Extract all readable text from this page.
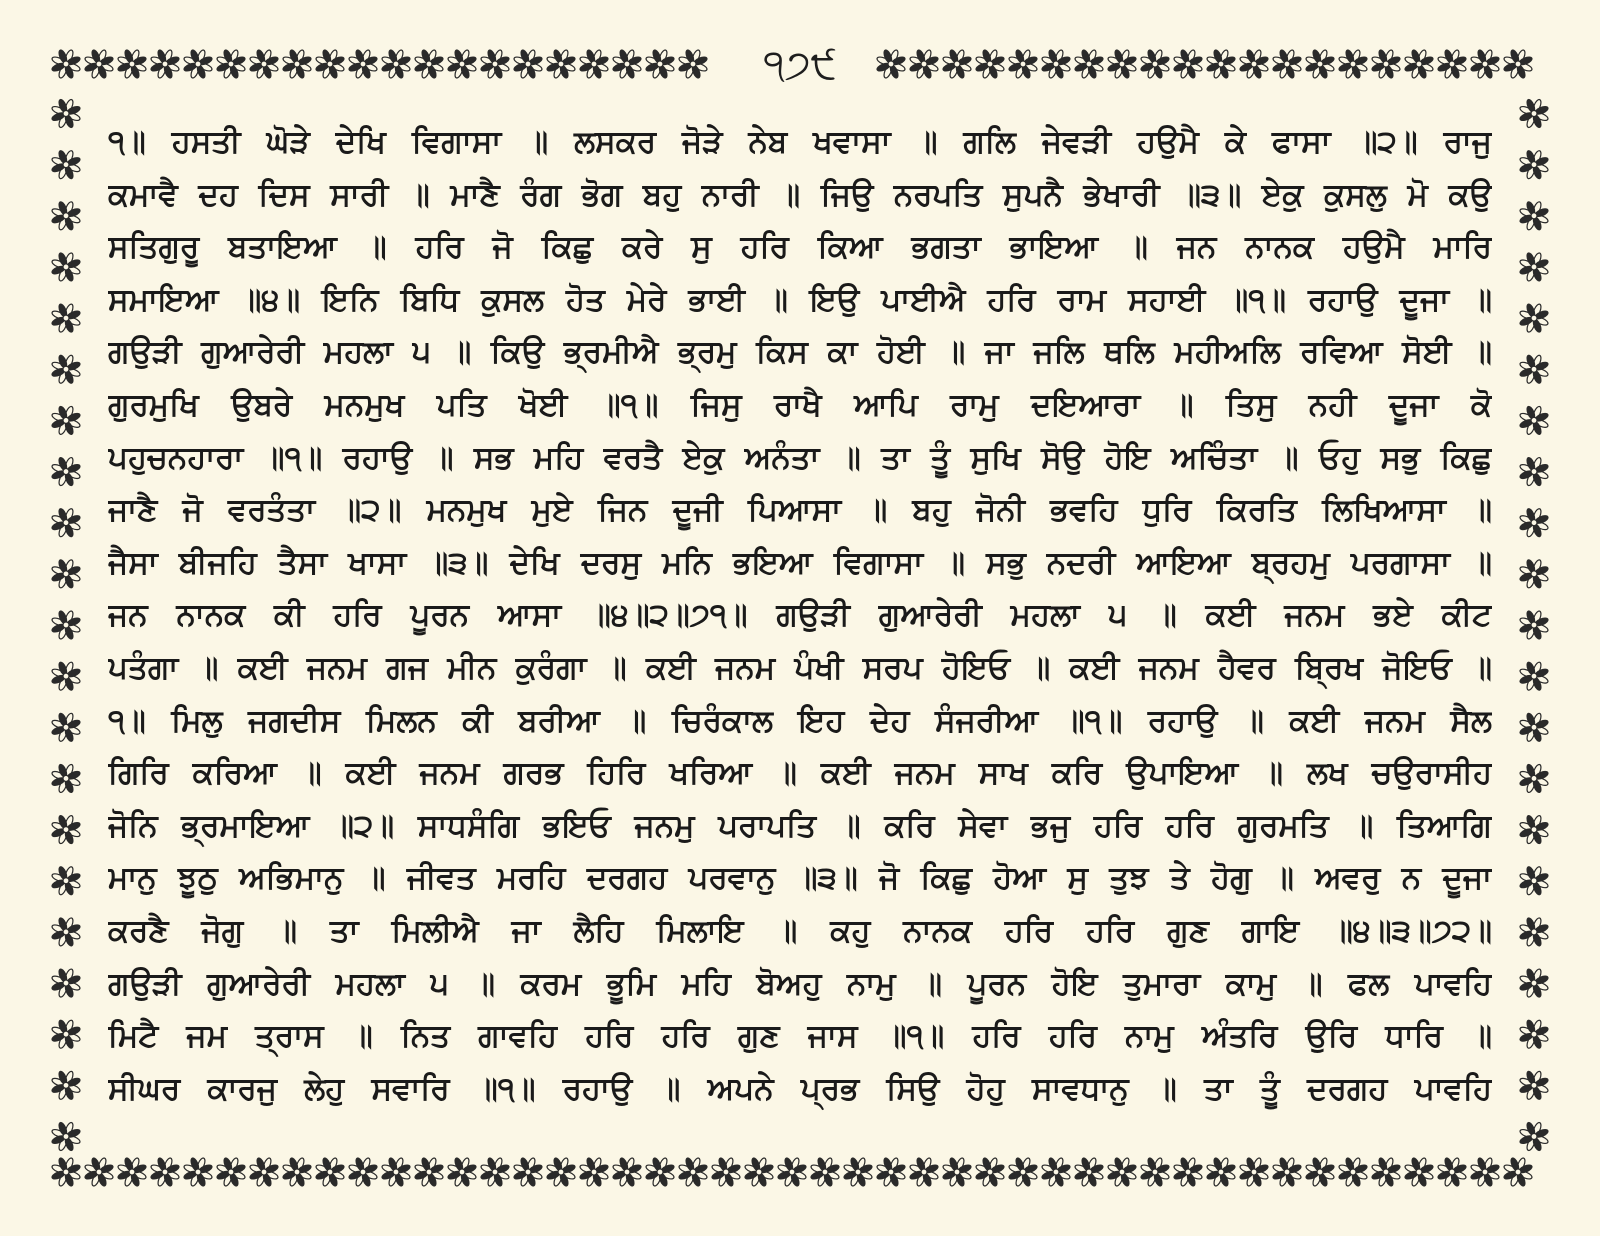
੧੭੯
੧॥ ਹਸਤੀ ਘੋੜੇ ਦੇਖਿ ਵਿਗਾਸਾ ॥ ਲਸਕਰ ਜੋੜੇ ਨੇਬ ਖਵਾਸਾ ॥ ਗਲਿ ਜੇਵੜੀ ਹਉਮੈ ਕੇ ਫਾਸਾ ॥੨॥ ਰਾਜੁ
ਕਮਾਵੈ ਦਹ ਦਿਸ ਸਾਰੀ ॥ ਮਾਣੈ ਰੰਗ ਭੋਗ ਬਹੁ ਨਾਰੀ ॥ ਜਿਉ ਨਰਪਤਿ ਸੁਪਨੈ ਭੇਖਾਰੀ ॥੩॥ ਏਕੁ ਕੁਸਲੁ ਮੋ ਕਉ
ਸਤਿਗੁਰੂ ਬਤਾਇਆ ॥ ਹਰਿ ਜੋ ਕਿਛੁ ਕਰੇ ਸੁ ਹਰਿ ਕਿਆ ਭਗਤਾ ਭਾਇਆ ॥ ਜਨ ਨਾਨਕ ਹਉਮੈ ਮਾਰਿ
ਸਮਾਇਆ ॥੪॥ ਇਨਿ ਬਿਧਿ ਕੁਸਲ ਹੋਤ ਮੇਰੇ ਭਾਈ ॥ ਇਉ ਪਾਈਐ ਹਰਿ ਰਾਮ ਸਹਾਈ ॥੧॥ ਰਹਾਉ ਦੂਜਾ ॥
ਗਉੜੀ ਗੁਆਰੇਰੀ ਮਹਲਾ ੫ ॥ ਕਿਉ ਭ੍ਰਮੀਐ ਭ੍ਰਮੁ ਕਿਸ ਕਾ ਹੋਈ ॥ ਜਾ ਜਲਿ ਥਲਿ ਮਹੀਅਲਿ ਰਵਿਆ ਸੋਈ ॥
ਗੁਰਮੁਖਿ ਉਬਰੇ ਮਨਮੁਖ ਪਤਿ ਖੋਈ ॥੧॥ ਜਿਸੁ ਰਾਖੈ ਆਪਿ ਰਾਮੁ ਦਇਆਰਾ ॥ ਤਿਸੁ ਨਹੀ ਦੂਜਾ ਕੋ
ਪਹੁਚਨਹਾਰਾ ॥੧॥ ਰਹਾਉ ॥ ਸਭ ਮਹਿ ਵਰਤੈ ਏਕੁ ਅਨੰਤਾ ॥ ਤਾ ਤੂੰ ਸੁਖਿ ਸੋਉ ਹੋਇ ਅਚਿੰਤਾ ॥ ਓਹੁ ਸਭੁ ਕਿਛੁ
ਜਾਣੈ ਜੋ ਵਰਤੰਤਾ ॥੨॥ ਮਨਮੁਖ ਮੁਏ ਜਿਨ ਦੂਜੀ ਪਿਆਸਾ ॥ ਬਹੁ ਜੋਨੀ ਭਵਹਿ ਧੁਰਿ ਕਿਰਤਿ ਲਿਖਿਆਸਾ ॥
ਜੈਸਾ ਬੀਜਹਿ ਤੈਸਾ ਖਾਸਾ ॥੩॥ ਦੇਖਿ ਦਰਸੁ ਮਨਿ ਭਇਆ ਵਿਗਾਸਾ ॥ ਸਭੁ ਨਦਰੀ ਆਇਆ ਬ੍ਰਹਮੁ ਪਰਗਾਸਾ ॥
ਜਨ ਨਾਨਕ ਕੀ ਹਰਿ ਪੂਰਨ ਆਸਾ ॥੪॥੨॥੭੧॥ ਗਉੜੀ ਗੁਆਰੇਰੀ ਮਹਲਾ ੫ ॥ ਕਈ ਜਨਮ ਭਏ ਕੀਟ
ਪਤੰਗਾ ॥ ਕਈ ਜਨਮ ਗਜ ਮੀਨ ਕੁਰੰਗਾ ॥ ਕਈ ਜਨਮ ਪੰਖੀ ਸਰਪ ਹੋਇਓ ॥ ਕਈ ਜਨਮ ਹੈਵਰ ਬ੍ਰਿਖ ਜੋਇਓ ॥
੧॥ ਮਿਲੁ ਜਗਦੀਸ ਮਿਲਨ ਕੀ ਬਰੀਆ ॥ ਚਿਰੰਕਾਲ ਇਹ ਦੇਹ ਸੰਜਰੀਆ ॥੧॥ ਰਹਾਉ ॥ ਕਈ ਜਨਮ ਸੈਲ
ਗਿਰਿ ਕਰਿਆ ॥ ਕਈ ਜਨਮ ਗਰਭ ਹਿਰਿ ਖਰਿਆ ॥ ਕਈ ਜਨਮ ਸਾਖ ਕਰਿ ਉਪਾਇਆ ॥ ਲਖ ਚਉਰਾਸੀਹ
ਜੋਨਿ ਭ੍ਰਮਾਇਆ ॥੨॥ ਸਾਧਸੰਗਿ ਭਇਓ ਜਨਮੁ ਪਰਾਪਤਿ ॥ ਕਰਿ ਸੇਵਾ ਭਜੁ ਹਰਿ ਹਰਿ ਗੁਰਮਤਿ ॥ ਤਿਆਗਿ
ਮਾਨੁ ਝੂਠੁ ਅਭਿਮਾਨੁ ॥ ਜੀਵਤ ਮਰਹਿ ਦਰਗਹ ਪਰਵਾਨੁ ॥੩॥ ਜੋ ਕਿਛੁ ਹੋਆ ਸੁ ਤੁਝ ਤੇ ਹੋਗੁ ॥ ਅਵਰੁ ਨ ਦੂਜਾ
ਕਰਣੈ ਜੋਗੁ ॥ ਤਾ ਮਿਲੀਐ ਜਾ ਲੈਹਿ ਮਿਲਾਇ ॥ ਕਹੁ ਨਾਨਕ ਹਰਿ ਹਰਿ ਗੁਣ ਗਾਇ ॥੪॥੩॥੭੨॥
ਗਉੜੀ ਗੁਆਰੇਰੀ ਮਹਲਾ ੫ ॥ ਕਰਮ ਭੂਮਿ ਮਹਿ ਬੋਅਹੁ ਨਾਮੁ ॥ ਪੂਰਨ ਹੋਇ ਤੁਮਾਰਾ ਕਾਮੁ ॥ ਫਲ ਪਾਵਹਿ
ਮਿਟੈ ਜਮ ਤ੍ਰਾਸ ॥ ਨਿਤ ਗਾਵਹਿ ਹਰਿ ਹਰਿ ਗੁਣ ਜਾਸ ॥੧॥ ਹਰਿ ਹਰਿ ਨਾਮੁ ਅੰਤਰਿ ਉਰਿ ਧਾਰਿ ॥
ਸੀਘਰ ਕਾਰਜੁ ਲੇਹੁ ਸਵਾਰਿ ॥੧॥ ਰਹਾਉ ॥ ਅਪਨੇ ਪ੍ਰਭ ਸਿਉ ਹੋਹੁ ਸਾਵਧਾਨੁ ॥ ਤਾ ਤੂੰ ਦਰਗਹ ਪਾਵਹਿ
